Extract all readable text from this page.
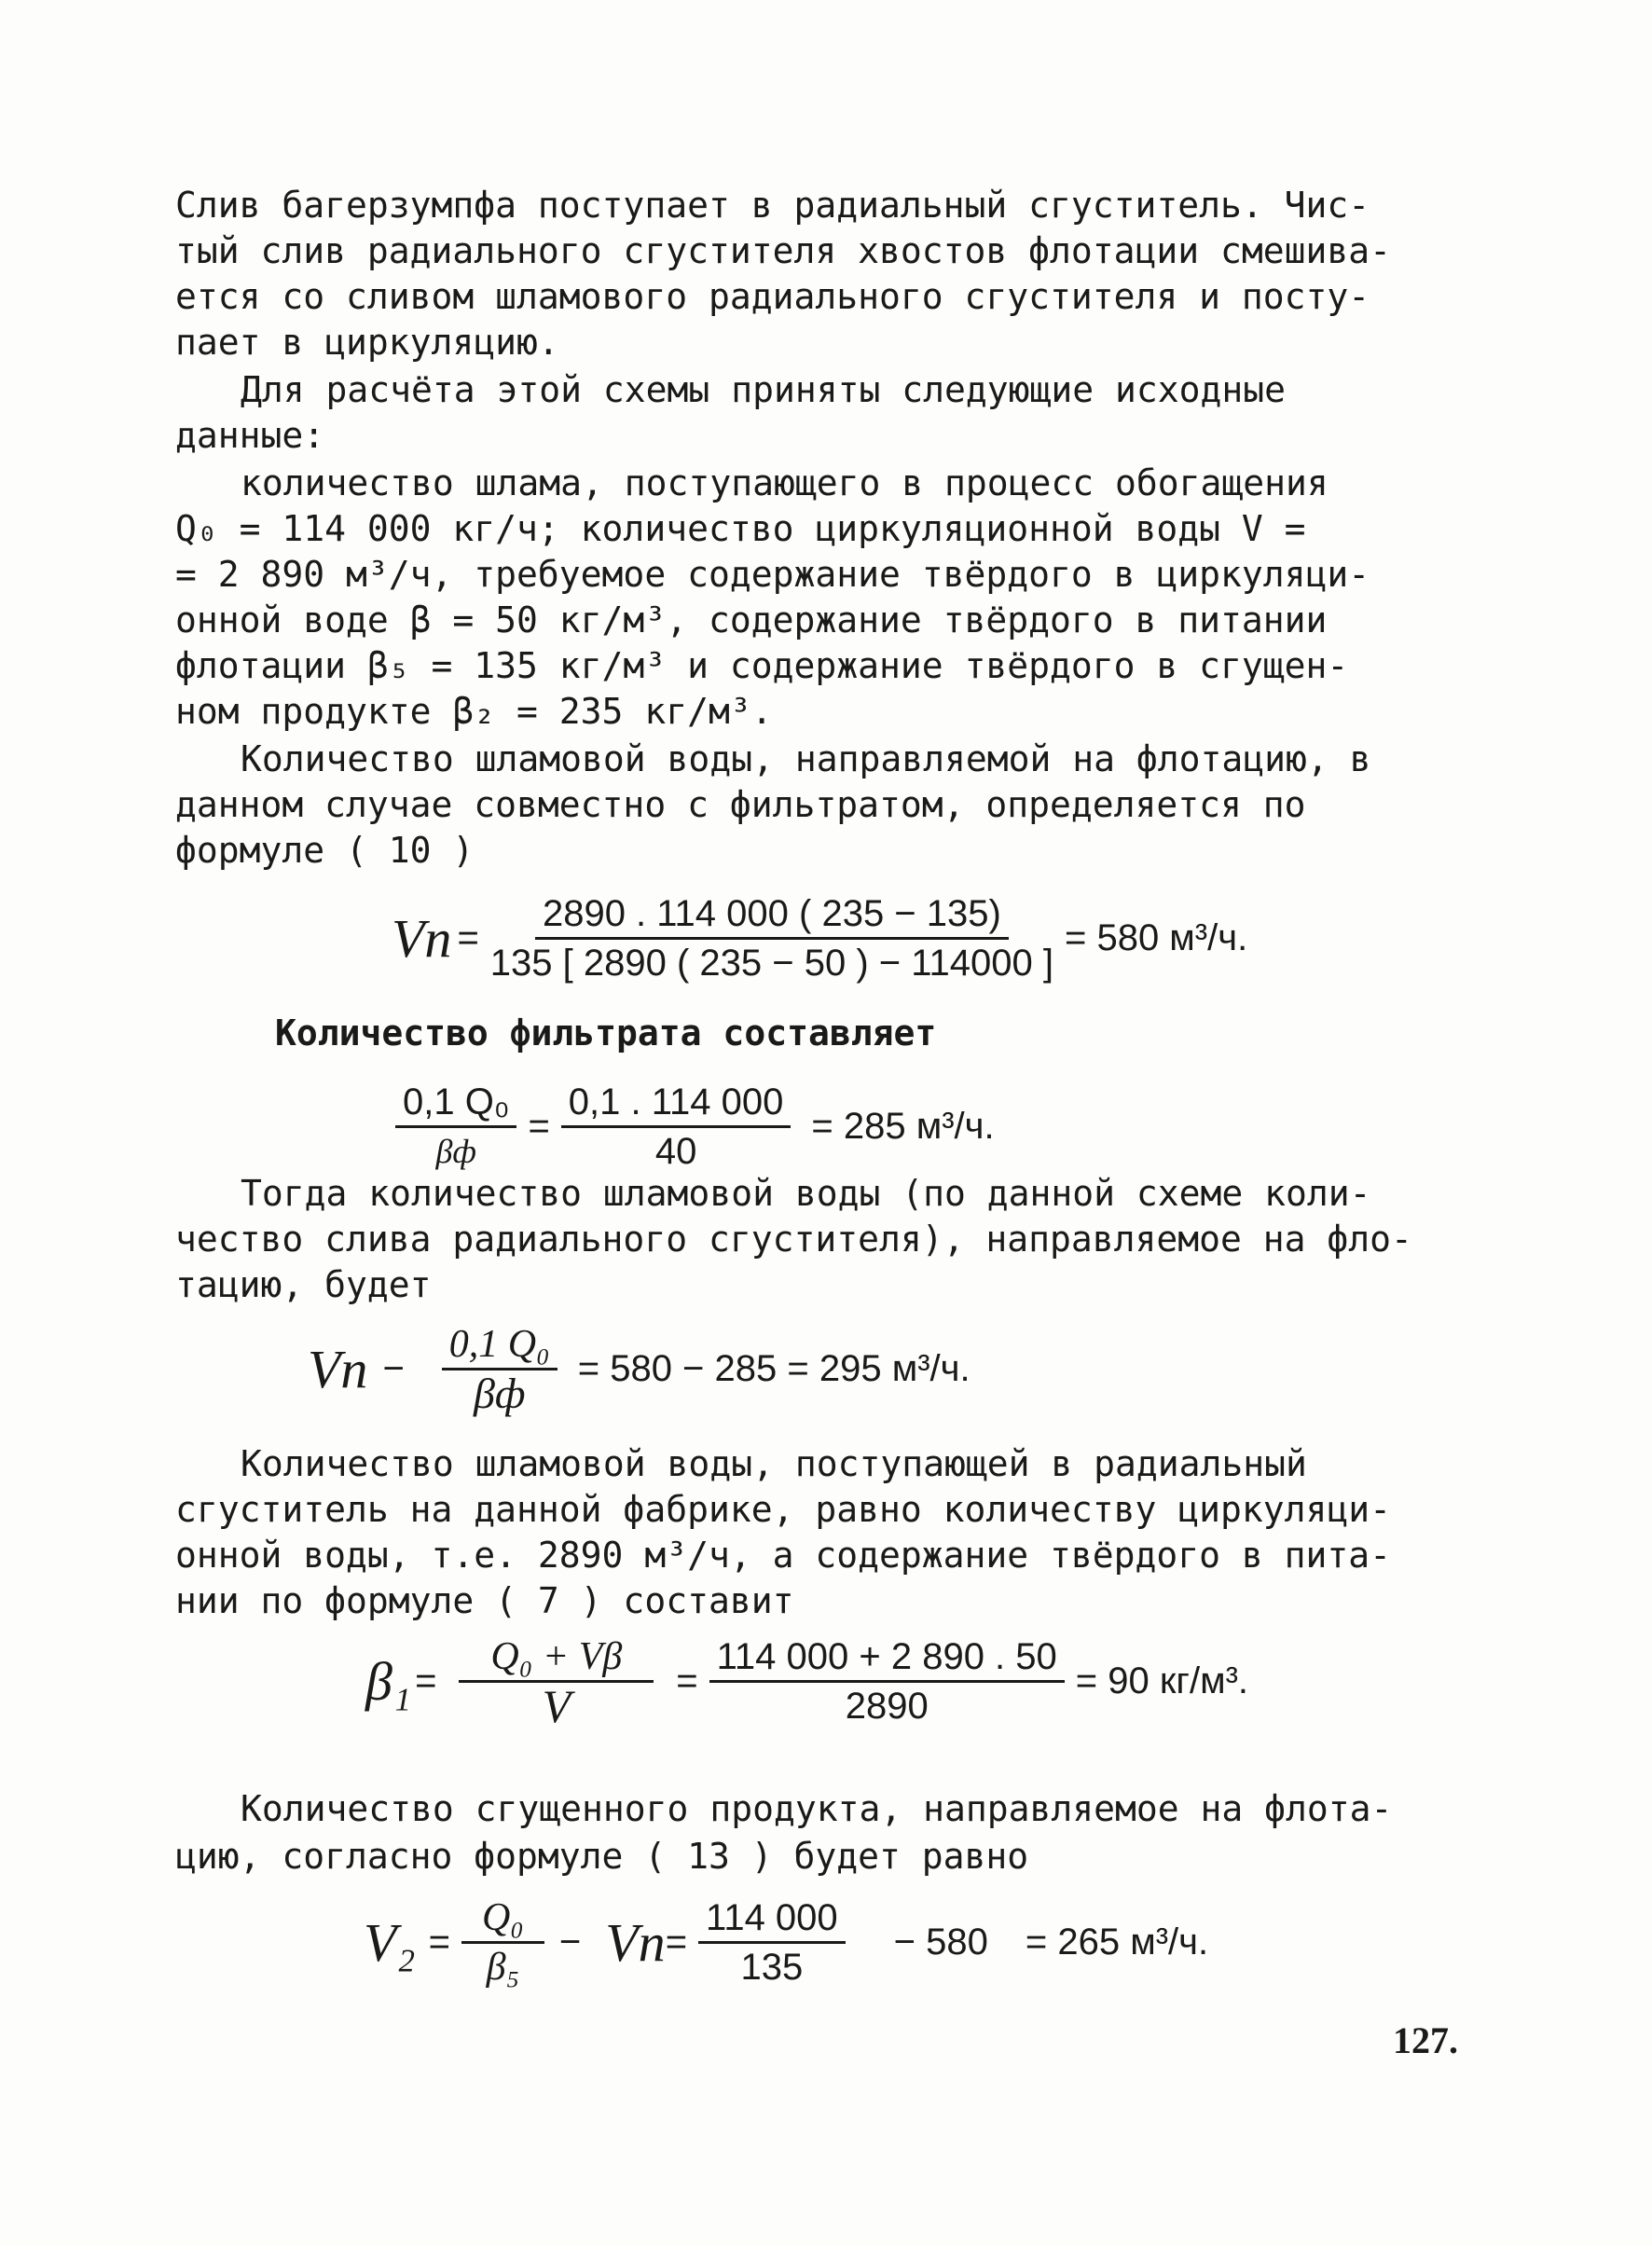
Слив багерзумпфа поступает в радиальный сгуститель. Чис-
тый слив радиального сгустителя хвостов флотации смешива-
ется со сливом шламового радиального сгустителя и посту-
пает в циркуляцию.
Для расчёта этой схемы приняты следующие исходные
данные:
количество шлама, поступающего в процесс обогащения
Q₀ = 114 000 кг/ч; количество циркуляционной воды V =
= 2 890 м³/ч, требуемое содержание твёрдого в циркуляци-
онной воде β = 50 кг/м³, содержание твёрдого в питании
флотации β₅ = 135 кг/м³ и содержание твёрдого в сгущен-
ном продукте β₂ = 235 кг/м³.
Количество шламовой воды, направляемой на флотацию, в
данном случае совместно с фильтратом, определяется по
формуле ( 10 )
Vп = $\frac{2890 . 114 000 ( 235 - 135)}{135 [ 2890 ( 235 - 50 ) - 114000 ]} = 580$ м³/ч.
Количество фильтрата составляет
$\frac{\text{0,1 Q₀}}{\beta ф} = \frac{0,1 . 114 000}{40} = 285$ м³/ч.
Тогда количество шламовой воды (по данной схеме коли-
чество слива радиального сгустителя), направляемое на фло-
тацию, будет
Vп − $\frac{\text{0,1 Q₀}}{\beta ф} = 580 - 285 = 295$ м³/ч.
Количество шламовой воды, поступающей в радиальный
сгуститель на данной фабрике, равно количеству циркуляци-
онной воды, т.е. 2890 м³/ч, а содержание твёрдого в пита-
нии по формуле ( 7 ) составит
$\beta_1 = \frac{\text{Q₀ + Vβ}}{V} = \frac{114 000 + 2 890 . 50}{2890} = 90$ кг/м³.
Количество сгущенного продукта, направляемое на флота-
цию, согласно формуле ( 13 ) будет равно
$V_2 = \frac{\text{Q₀}}{\text{β₅}}$ − Vп = $\frac{114 000}{135} - 580 = 265$ м³/ч.
127.
